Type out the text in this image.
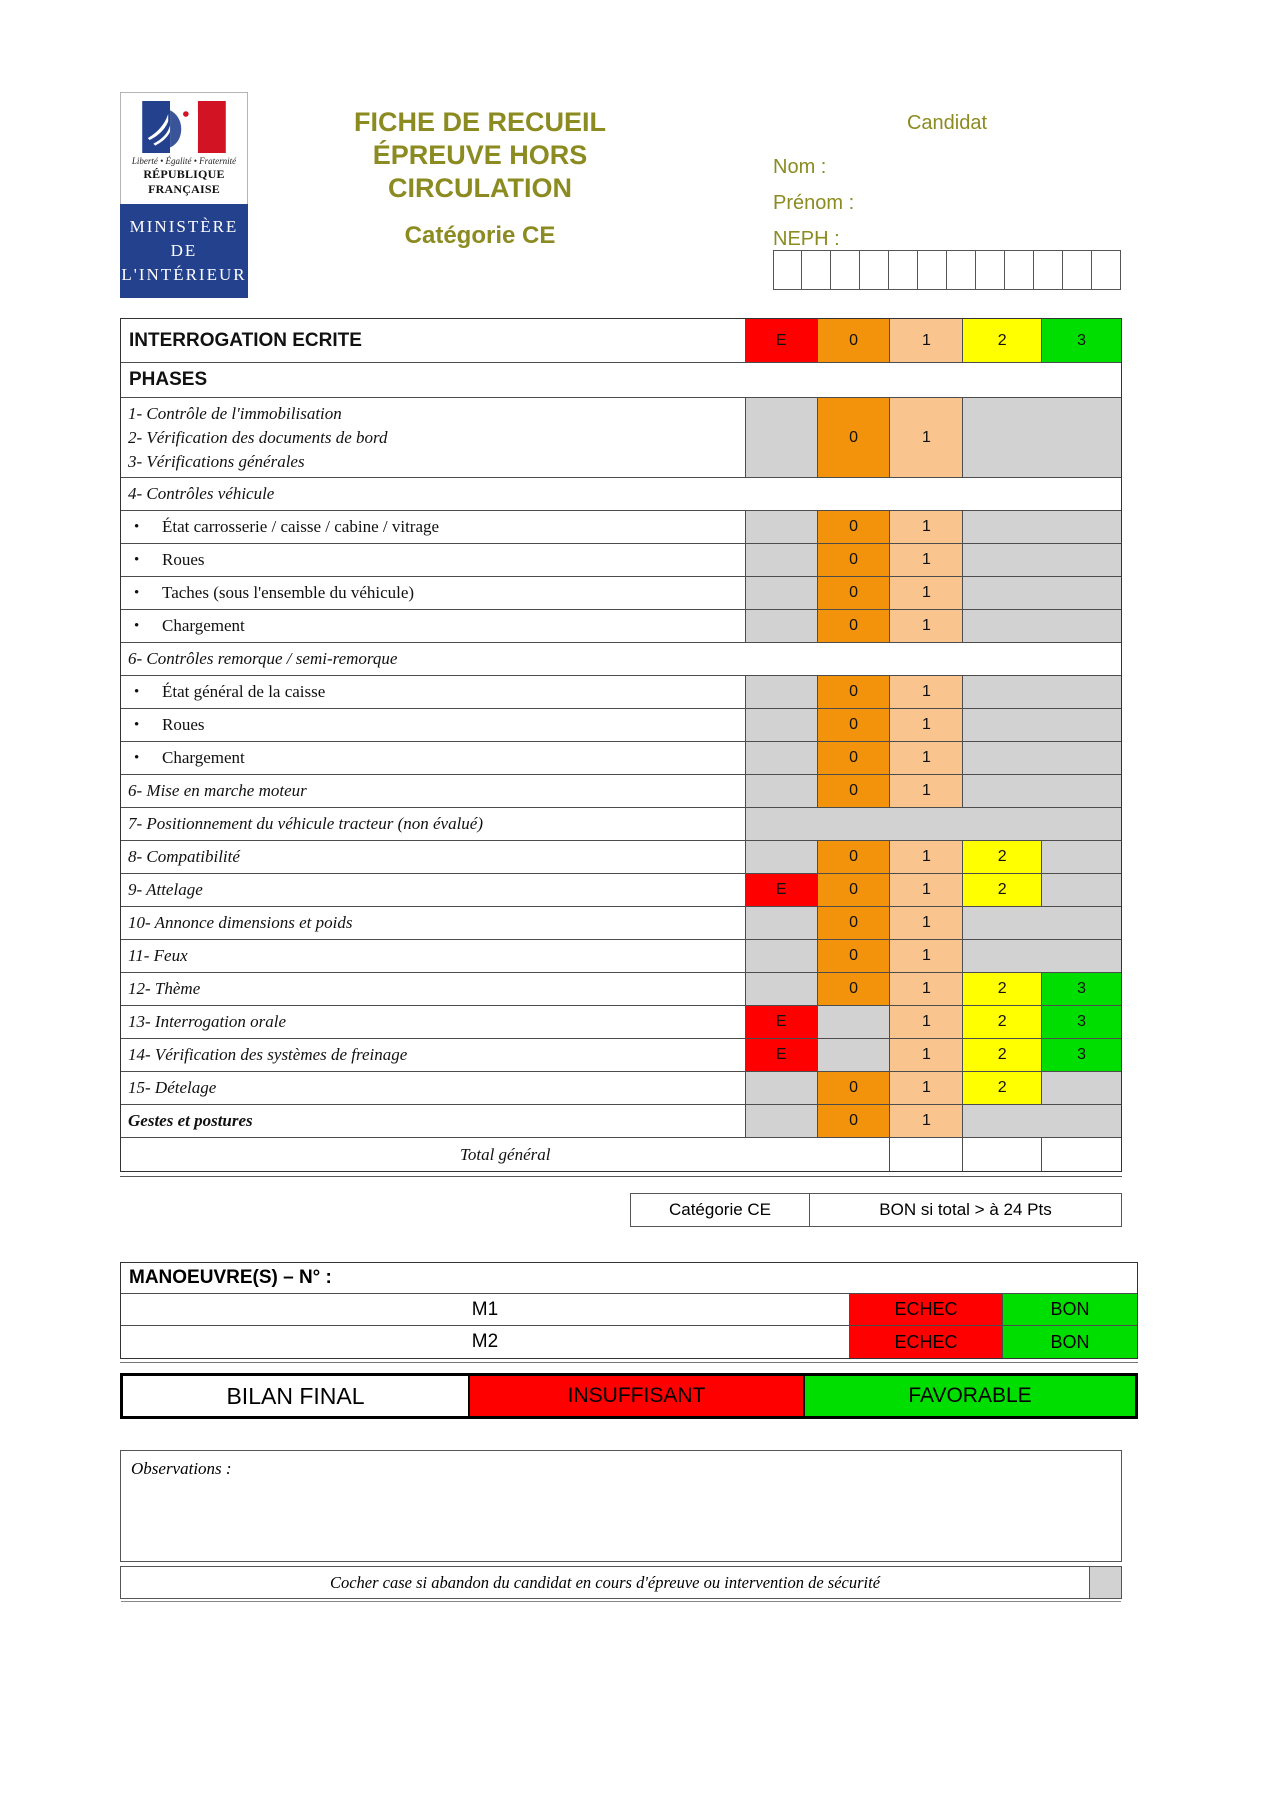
Liberté • Égalité • Fraternité
RÉPUBLIQUE FRANÇAISE
MINISTÈRE
DE
L'INTÉRIEUR
FICHE DE RECUEIL
ÉPREUVE HORS
CIRCULATION
Catégorie CE
Candidat
Nom :
Prénom :
NEPH :
INTERROGATION ECRITE	E	0	1	2	3
PHASES
1- Contrôle de l'immobilisation
2- Vérification des documents de bord
3- Vérifications générales
0	1
4- Contrôles véhicule
•	État carrosserie / caisse / cabine / vitrage	0	1
•	Roues	0	1
•	Taches (sous l'ensemble du véhicule)	0	1
•	Chargement	0	1
6- Contrôles remorque / semi-remorque
•	État général de la caisse	0	1
•	Roues	0	1
•	Chargement	0	1
6- Mise en marche moteur	0	1
7- Positionnement du véhicule tracteur (non évalué)
8- Compatibilité	0	1	2
9- Attelage	E	0	1	2
10- Annonce dimensions et poids	0	1
11- Feux	0	1
12- Thème	0	1	2	3
13- Interrogation orale	E	1	2	3
14- Vérification des systèmes de freinage	E	1	2	3
15- Dételage	0	1	2
Gestes et postures	0	1
Total général
Catégorie CE	BON si total > à 24 Pts
MANOEUVRE(S) – N° :
M1	ECHEC	BON
M2	ECHEC	BON
BILAN FINAL	INSUFFISANT	FAVORABLE
Observations :
Cocher case si abandon du candidat en cours d'épreuve ou intervention de sécurité
